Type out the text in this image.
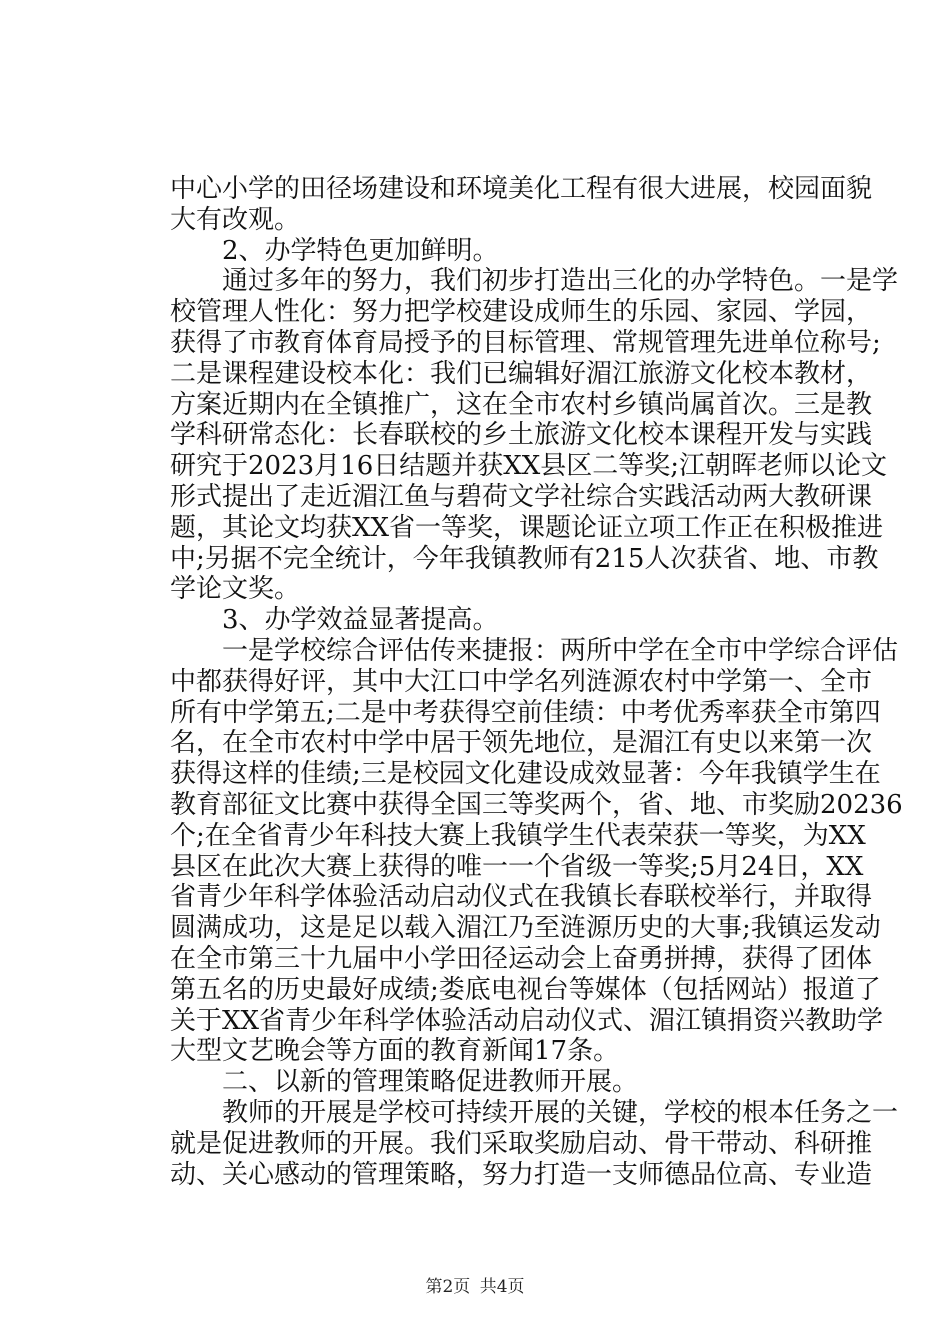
中心小学的田径场建设和环境美化工程有很大进展，校园面貌
大有改观。
2、办学特色更加鲜明。
通过多年的努力，我们初步打造出三化的办学特色。一是学
校管理人性化：努力把学校建设成师生的乐园、家园、学园，
获得了市教育体育局授予的目标管理、常规管理先进单位称号;
二是课程建设校本化：我们已编辑好湄江旅游文化校本教材，
方案近期内在全镇推广，这在全市农村乡镇尚属首次。三是教
学科研常态化：长春联校的乡土旅游文化校本课程开发与实践
研究于2023月16日结题并获XX县区二等奖;江朝晖老师以论文
形式提出了走近湄江鱼与碧荷文学社综合实践活动两大教研课
题，其论文均获XX省一等奖，课题论证立项工作正在积极推进
中;另据不完全统计，今年我镇教师有215人次获省、地、市教
学论文奖。
3、办学效益显著提高。
一是学校综合评估传来捷报：两所中学在全市中学综合评估
中都获得好评，其中大江口中学名列涟源农村中学第一、全市
所有中学第五;二是中考获得空前佳绩：中考优秀率获全市第四
名，在全市农村中学中居于领先地位，是湄江有史以来第一次
获得这样的佳绩;三是校园文化建设成效显著：今年我镇学生在
教育部征文比赛中获得全国三等奖两个，省、地、市奖励20236
个;在全省青少年科技大赛上我镇学生代表荣获一等奖，为XX
县区在此次大赛上获得的唯一一个省级一等奖;5月24日，XX
省青少年科学体验活动启动仪式在我镇长春联校举行，并取得
圆满成功，这是足以载入湄江乃至涟源历史的大事;我镇运发动
在全市第三十九届中小学田径运动会上奋勇拼搏，获得了团体
第五名的历史最好成绩;娄底电视台等媒体（包括网站）报道了
关于XX省青少年科学体验活动启动仪式、湄江镇捐资兴教助学
大型文艺晚会等方面的教育新闻17条。
二、以新的管理策略促进教师开展。
教师的开展是学校可持续开展的关键，学校的根本任务之一
就是促进教师的开展。我们采取奖励启动、骨干带动、科研推
动、关心感动的管理策略，努力打造一支师德品位高、专业造
第2页 共4页
